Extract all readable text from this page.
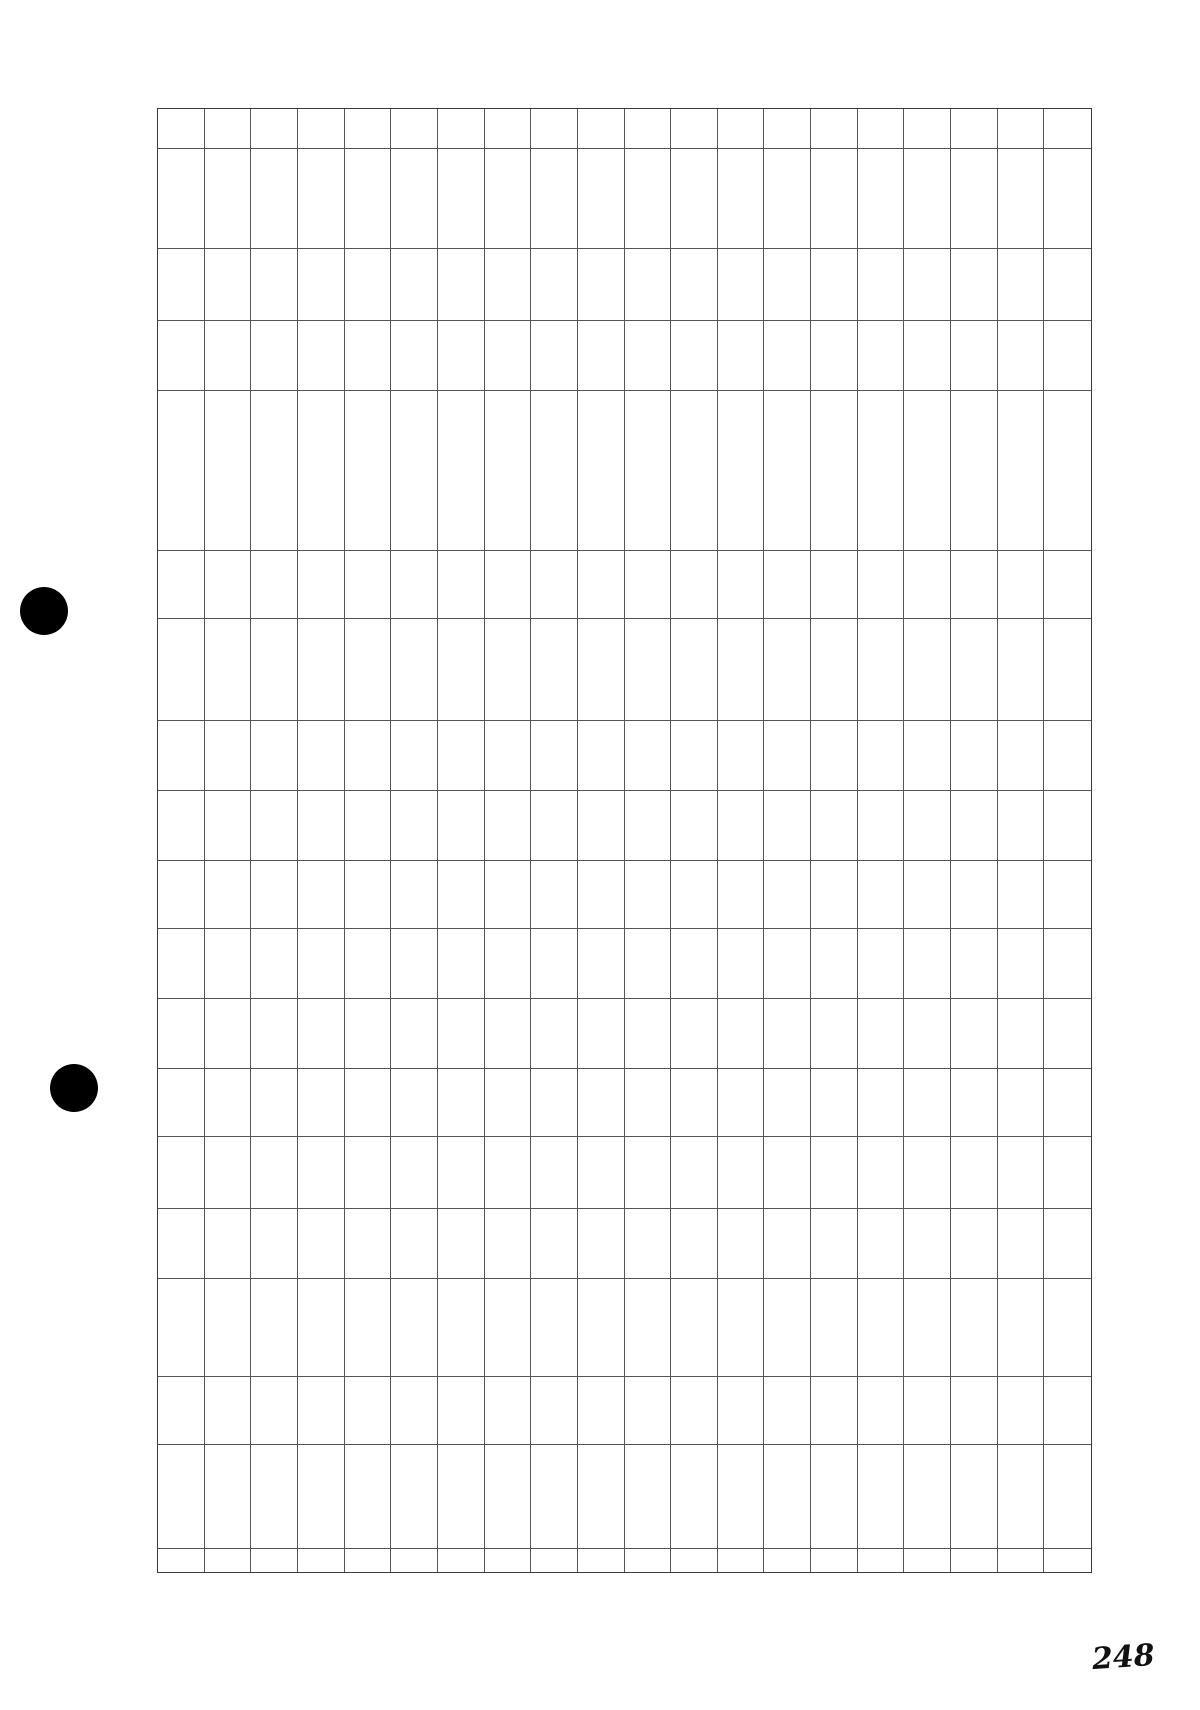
248
